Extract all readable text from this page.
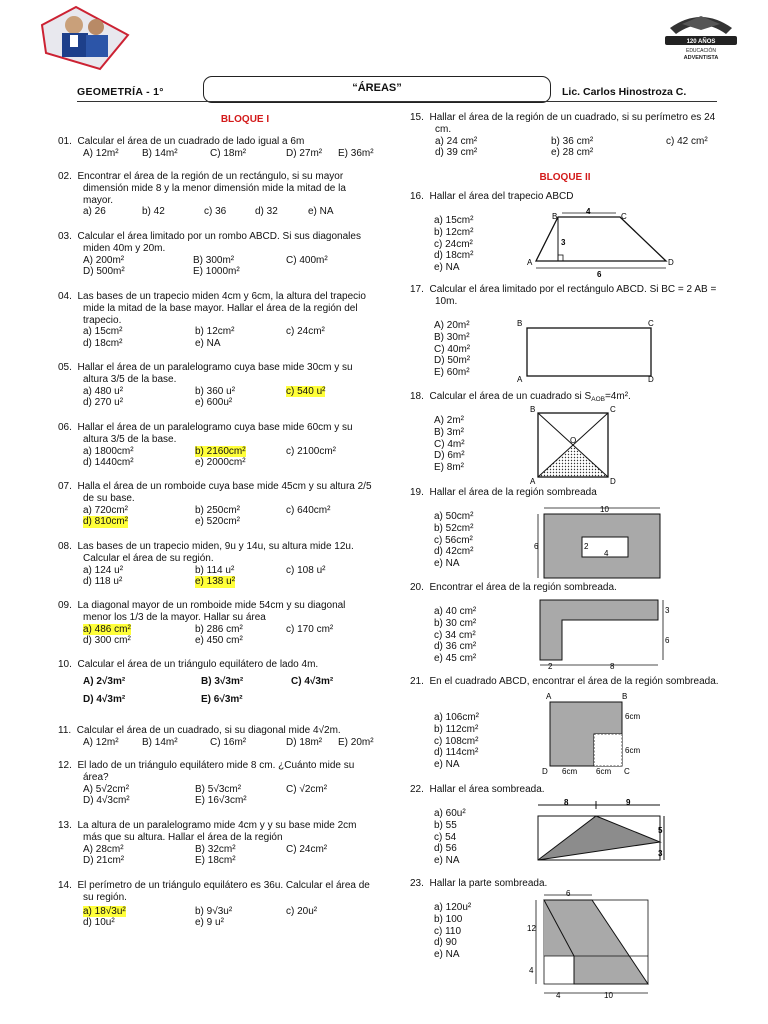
120 AÑOS
EDUCACIÓN
ADVENTISTA
GEOMETRÍA - 1°	“ÁREAS”	Lic. Carlos Hinostroza C.
BLOQUE I
01. Calcular el área de un cuadrado de lado igual a 6m
A) 12m²	B) 14m²	C) 18m²	D) 27m²	E) 36m²
02. Encontrar el área de la región de un rectángulo, si su mayor dimensión mide 8 y la menor dimensión mide la mitad de la mayor.
a) 26	b) 42	c) 36	d) 32	e) NA
03. Calcular el área limitado por un rombo ABCD. Si sus diagonales miden 40m y 20m.
A) 200m²	B) 300m²	C) 400m²
D) 500m²	E) 1000m²
04. Las bases de un trapecio miden 4cm y 6cm, la altura del trapecio mide la mitad de la base mayor. Hallar el área de la región del trapecio.
a) 15cm²	b) 12cm²	c) 24cm²
d) 18cm²	e) NA
05. Hallar el área de un paralelogramo cuya base mide 30cm y su altura 3/5 de la base.
a) 480 u²	b) 360 u²	c) 540 u²
d) 270 u²	e) 600u²
06. Hallar el área de un paralelogramo cuya base mide 60cm y su altura 3/5 de la base.
a) 1800cm²	b) 2160cm²	c) 2100cm²
d) 1440cm²	e) 2000cm²
07. Halla el área de un romboide cuya base mide 45cm y su altura 2/5 de su base.
a) 720cm²	b) 250cm²	c) 640cm²
d) 810cm²	e) 520cm²
08. Las bases de un trapecio miden, 9u y 14u, su altura mide 12u. Calcular el área de su región.
a) 124 u²	b) 114 u²	c) 108 u²
d) 118 u²	e) 138 u²
09. La diagonal mayor de un romboide mide 54cm y su diagonal menor los 1/3 de la mayor. Hallar su área
a) 486 cm²	b) 286 cm²	c) 170 cm²
d) 300 cm²	e) 450 cm²
10. Calcular el área de un triángulo equilátero de lado 4m.
A) 2√3m²	B) 3√3m²	C) 4√3m²
D) 4√3m²	E) 6√3m²
11. Calcular el área de un cuadrado, si su diagonal mide 4√2m.
A) 12m²	B) 14m²	C) 16m²	D) 18m²	E) 20m²
12. El lado de un triángulo equilátero mide 8 cm. ¿Cuánto mide su área?
A) 5√2cm²	B) 5√3cm²	C) √2cm²
D) 4√3cm²	E) 16√3cm²
13. La altura de un paralelogramo mide 4cm y y su base mide 2cm más que su altura. Hallar el área de la región
A) 28cm²	B) 32cm²	C) 24cm²
D) 21cm²	E) 18cm²
14. El perímetro de un triángulo equilátero es 36u. Calcular el área de su región.
a) 18√3u²	b) 9√3u²	c) 20u²
d) 10u²	e) 9 u²
15. Hallar el área de la región de un cuadrado, si su perímetro es 24 cm.
a) 24 cm²	b) 36 cm²	c) 42 cm²
d) 39 cm²	e) 28 cm²
BLOQUE II
16. Hallar el área del trapecio ABCD
a) 15cm²
b) 12cm²
c) 24cm²
d) 18cm²
e) NA
B	C
A	D
4
3
6
17. Calcular el área limitado por el rectángulo ABCD. Si BC = 2 AB = 10m.
A) 20m²
B) 30m²
C) 40m²
D) 50m²
E) 60m²
B	C
A	D
18. Calcular el área de un cuadrado si $S_{AOB}=4m^2$.
A) 2m²
B) 3m²
C) 4m²
D) 6m²
E) 8m²
B	C
A	D
O
19. Hallar el área de la región sombreada
a) 50cm²
b) 52cm²
c) 56cm²
d) 42cm²
e) NA
10
6	2
4
20. Encontrar el área de la región sombreada.
a) 40 cm²
b) 30 cm²
c) 34 cm²
d) 36 cm²
e) 45 cm²
3
6
2	8
21. En el cuadrado ABCD, encontrar el área de la región sombreada.
a) 106cm²
b) 112cm²
c) 108cm²
d) 114cm²
e) NA
A	B
C
D
6cm
6cm
6cm 6cm
22. Hallar el área sombreada.
a) 60u²
b) 55
c) 54
d) 56
e) NA
8	9
5
3
23. Hallar la parte sombreada.
a) 120u²
b) 100
c) 110
d) 90
e) NA
6
12
4
4	10
